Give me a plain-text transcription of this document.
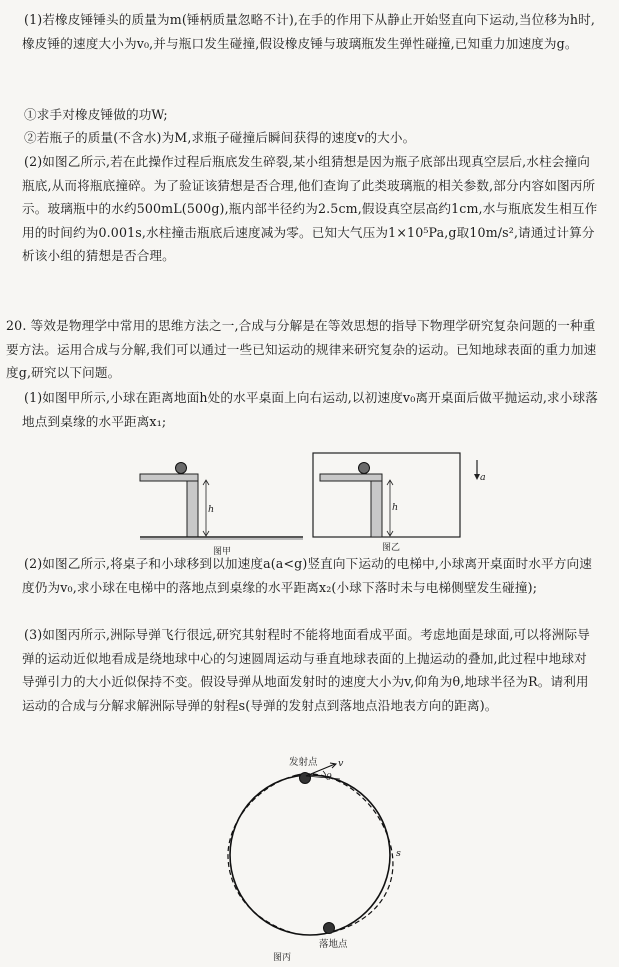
(1)若橡皮锤锤头的质量为m(锤柄质量忽略不计),在手的作用下从静止开始竖直向下运动,当位移为h时,橡皮锤的速度大小为v₀,并与瓶口发生碰撞,假设橡皮锤与玻璃瓶发生弹性碰撞,已知重力加速度为g。
①求手对橡皮锤做的功W;
②若瓶子的质量(不含水)为M,求瓶子碰撞后瞬间获得的速度v的大小。
(2)如图乙所示,若在此操作过程后瓶底发生碎裂,某小组猜想是因为瓶子底部出现真空层后,水柱会撞向瓶底,从而将瓶底撞碎。为了验证该猜想是否合理,他们查询了此类玻璃瓶的相关参数,部分内容如图丙所示。玻璃瓶中的水约500mL(500g),瓶内部半径约为2.5cm,假设真空层高约1cm,水与瓶底发生相互作用的时间约为0.001s,水柱撞击瓶底后速度减为零。已知大气压为1×10⁵Pa,g取10m/s²,请通过计算分析该小组的猜想是否合理。
20. 等效是物理学中常用的思维方法之一,合成与分解是在等效思想的指导下物理学研究复杂问题的一种重要方法。运用合成与分解,我们可以通过一些已知运动的规律来研究复杂的运动。已知地球表面的重力加速度g,研究以下问题。
(1)如图甲所示,小球在距离地面h处的水平桌面上向右运动,以初速度v₀离开桌面后做平抛运动,求小球落地点到桌缘的水平距离x₁;
h
图甲
h
a
图乙
(2)如图乙所示,将桌子和小球移到以加速度a(a<g)竖直向下运动的电梯中,小球离开桌面时水平方向速度仍为v₀,求小球在电梯中的落地点到桌缘的水平距离x₂(小球下落时未与电梯侧壁发生碰撞);
(3)如图丙所示,洲际导弹飞行很远,研究其射程时不能将地面看成平面。考虑地面是球面,可以将洲际导弹的运动近似地看成是绕地球中心的匀速圆周运动与垂直地球表面的上抛运动的叠加,此过程中地球对导弹引力的大小近似保持不变。假设导弹从地面发射时的速度大小为v,仰角为θ,地球半径为R。请利用运动的合成与分解求解洲际导弹的射程s(导弹的发射点到落地点沿地表方向的距离)。
v
θ
发射点
s
落地点
图丙
